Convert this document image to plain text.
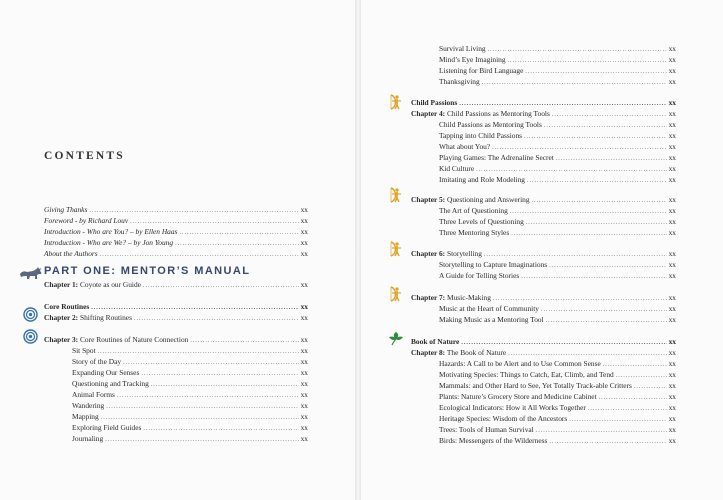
CONTENTS
Giving Thanks .....	xx
Foreword - by Richard Louv .....	xx
Introduction - Who are You? – by Ellen Haas .....	xx
Introduction - Who are We? – by Jon Young .....	xx
About the Authors .....	xx
PART ONE: MENTOR’S MANUAL
Chapter 1: Coyote as our Guide .....	xx
Core Routines .....	xx
Chapter 2: Shifting Routines .....	xx
Chapter 3: Core Routines of Nature Connection .....	xx
Sit Spot .....	xx
Story of the Day .....	xx
Expanding Our Senses .....	xx
Questioning and Tracking .....	xx
Animal Forms .....	xx
Wandering .....	xx
Mapping .....	xx
Exploring Field Guides .....	xx
Journaling .....	xx
Survival Living .....	xx
Mind’s Eye Imagining .....	xx
Listening for Bird Language .....	xx
Thanksgiving .....	xx
Child Passions .....	xx
Chapter 4: Child Passions as Mentoring Tools .....	xx
Child Passions as Mentoring Tools .....	xx
Tapping into Child Passions .....	xx
What about You? .....	xx
Playing Games: The Adrenaline Secret .....	xx
Kid Culture .....	xx
Imitating and Role Modeling .....	xx
Chapter 5: Questioning and Answering .....	xx
The Art of Questioning .....	xx
Three Levels of Questioning .....	xx
Three Mentoring Styles .....	xx
Chapter 6: Storytelling .....	xx
Storytelling to Capture Imaginations .....	xx
A Guide for Telling Stories .....	xx
Chapter 7: Music-Making .....	xx
Music at the Heart of Community .....	xx
Making Music as a Mentoring Tool .....	xx
Book of Nature .....	xx
Chapter 8: The Book of Nature .....	xx
Hazards: A Call to be Alert and to Use Common Sense .....	xx
Motivating Species: Things to Catch, Eat, Climb, and Tend .....	xx
Mammals: and Other Hard to See, Yet Totally Track-able Critters .....	xx
Plants: Nature’s Grocery Store and Medicine Cabinet .....	xx
Ecological Indicators: How it All Works Together .....	xx
Heritage Species: Wisdom of the Ancestors .....	xx
Trees: Tools of Human Survival .....	xx
Birds: Messengers of the Wilderness .....	xx
